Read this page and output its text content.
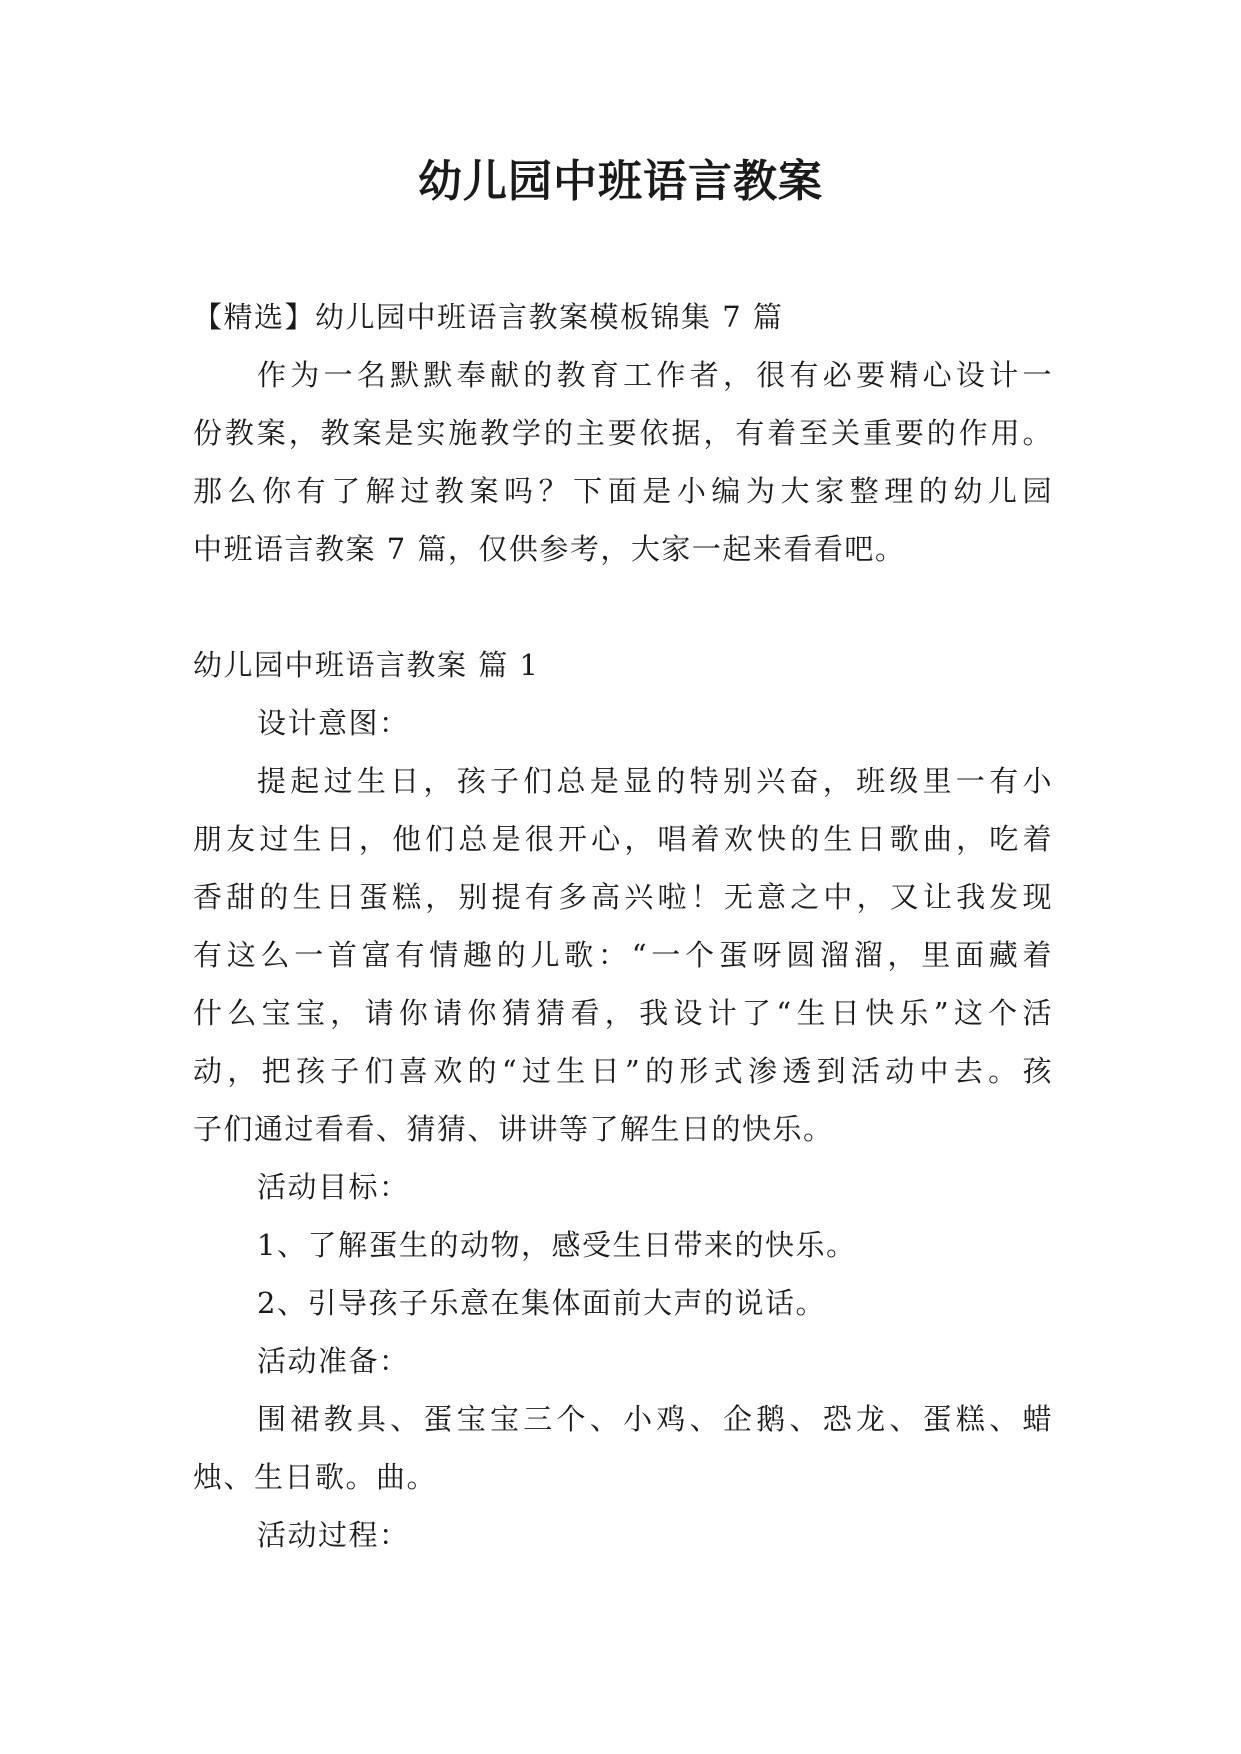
幼儿园中班语言教案

【精选】幼儿园中班语言教案模板锦集 7 篇

作为一名默默奉献的教育工作者，很有必要精心设计一

份教案，教案是实施教学的主要依据，有着至关重要的作用。

那么你有了解过教案吗？下面是小编为大家整理的幼儿园

中班语言教案 7 篇，仅供参考，大家一起来看看吧。

幼儿园中班语言教案 篇 1

设计意图：

提起过生日，孩子们总是显的特别兴奋，班级里一有小

朋友过生日，他们总是很开心，唱着欢快的生日歌曲，吃着

香甜的生日蛋糕，别提有多高兴啦！无意之中，又让我发现

有这么一首富有情趣的儿歌：“一个蛋呀圆溜溜，里面藏着

什么宝宝，请你请你猜猜看，我设计了“生日快乐”这个活

动，把孩子们喜欢的“过生日”的形式渗透到活动中去。孩

子们通过看看、猜猜、讲讲等了解生日的快乐。

活动目标：

1、了解蛋生的动物，感受生日带来的快乐。

2、引导孩子乐意在集体面前大声的说话。

活动准备：

围裙教具、蛋宝宝三个、小鸡、企鹅、恐龙、蛋糕、蜡

烛、生日歌。曲。

活动过程：
